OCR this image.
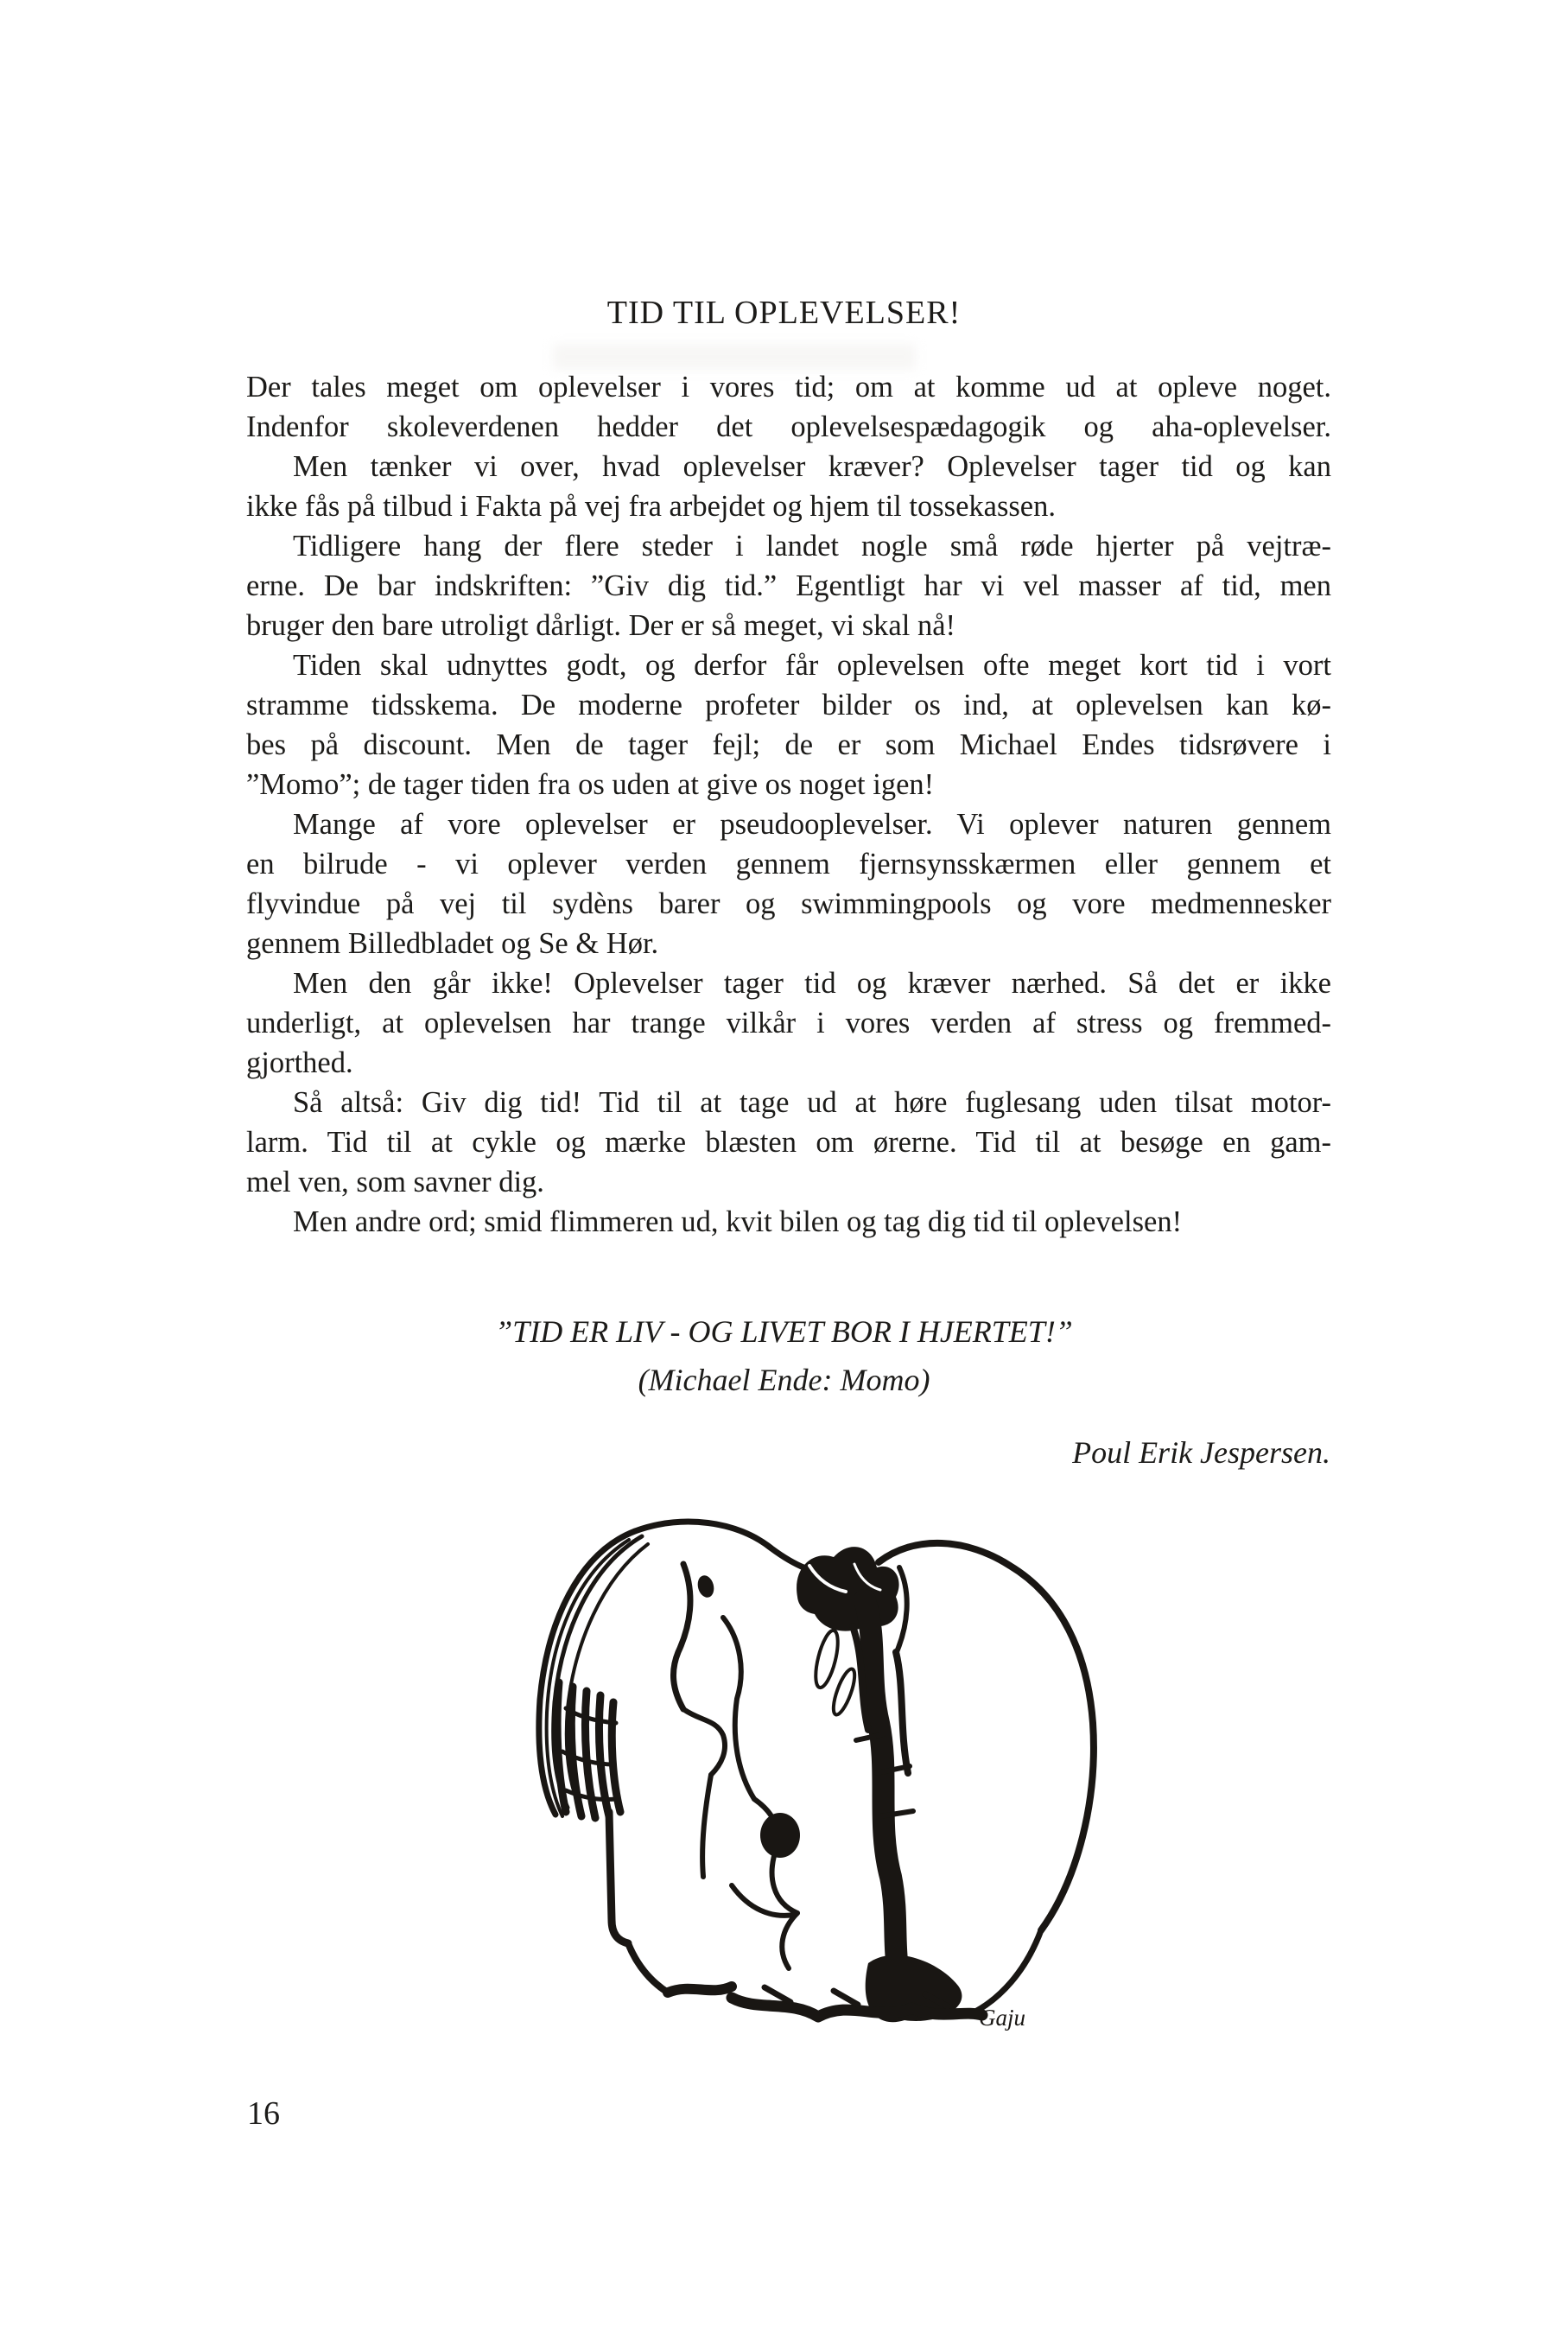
TID TIL OPLEVELSER!
Der tales meget om oplevelser i vores tid; om at komme ud at opleve noget.
Indenfor skoleverdenen hedder det oplevelsespædagogik og aha-oplevelser.
Men tænker vi over, hvad oplevelser kræver? Oplevelser tager tid og kan
ikke fås på tilbud i Fakta på vej fra arbejdet og hjem til tossekassen.
Tidligere hang der flere steder i landet nogle små røde hjerter på vejtræ-
erne. De bar indskriften: ”Giv dig tid.” Egentligt har vi vel masser af tid, men
bruger den bare utroligt dårligt. Der er så meget, vi skal nå!
Tiden skal udnyttes godt, og derfor får oplevelsen ofte meget kort tid i vort
stramme tidsskema. De moderne profeter bilder os ind, at oplevelsen kan kø-
bes på discount. Men de tager fejl; de er som Michael Endes tidsrøvere i
”Momo”; de tager tiden fra os uden at give os noget igen!
Mange af vore oplevelser er pseudooplevelser. Vi oplever naturen gennem
en bilrude - vi oplever verden gennem fjernsynsskærmen eller gennem et
flyvindue på vej til sydèns barer og swimmingpools og vore medmennesker
gennem Billedbladet og Se & Hør.
Men den går ikke! Oplevelser tager tid og kræver nærhed. Så det er ikke
underligt, at oplevelsen har trange vilkår i vores verden af stress og fremmed-
gjorthed.
Så altså: Giv dig tid! Tid til at tage ud at høre fuglesang uden tilsat motor-
larm. Tid til at cykle og mærke blæsten om ørerne. Tid til at besøge en gam-
mel ven, som savner dig.
Men andre ord; smid flimmeren ud, kvit bilen og tag dig tid til oplevelsen!
”TID ER LIV - OG LIVET BOR I HJERTET!”
(Michael Ende: Momo)
Poul Erik Jespersen.
Gaju
16
